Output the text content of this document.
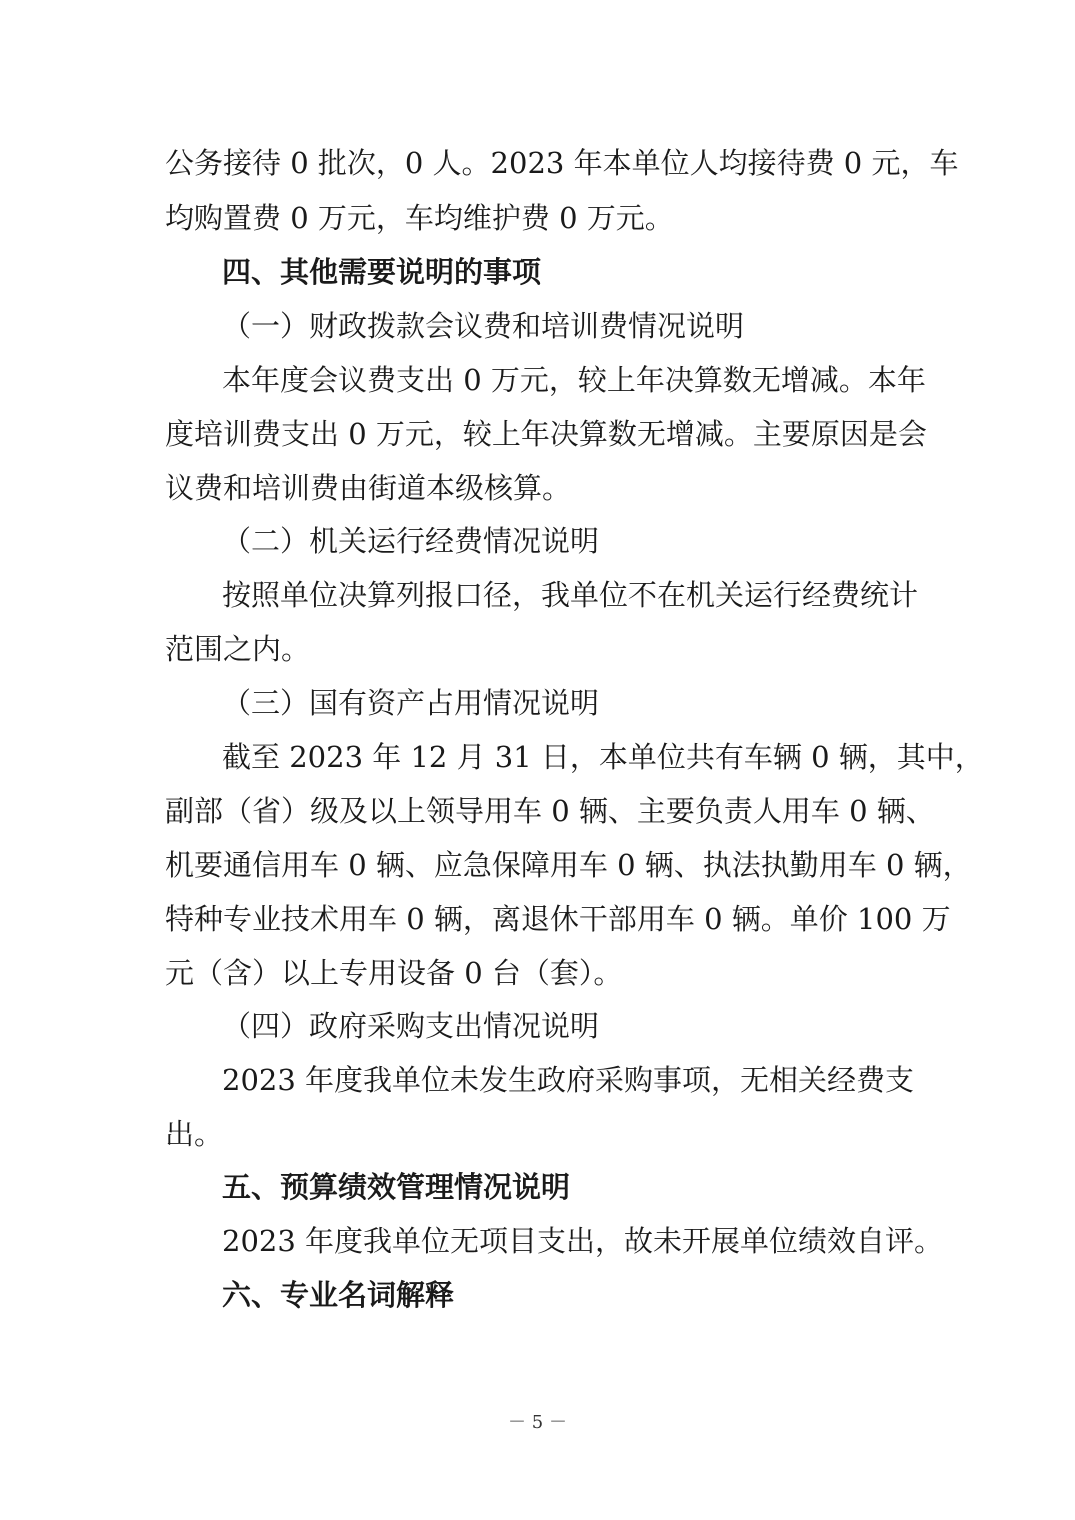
公务接待 0 批次，0 人。2023 年本单位人均接待费 0 元，车
均购置费 0 万元，车均维护费 0 万元。
四、其他需要说明的事项
（一）财政拨款会议费和培训费情况说明
本年度会议费支出 0 万元，较上年决算数无增减。本年
度培训费支出 0 万元，较上年决算数无增减。主要原因是会
议费和培训费由街道本级核算。
（二）机关运行经费情况说明
按照单位决算列报口径，我单位不在机关运行经费统计
范围之内。
（三）国有资产占用情况说明
截至 2023 年 12 月 31 日，本单位共有车辆 0 辆，其中，
副部（省）级及以上领导用车 0 辆、主要负责人用车 0 辆、
机要通信用车 0 辆、应急保障用车 0 辆、执法执勤用车 0 辆，
特种专业技术用车 0 辆，离退休干部用车 0 辆。单价 100 万
元（含）以上专用设备 0 台（套）。
（四）政府采购支出情况说明
2023 年度我单位未发生政府采购事项，无相关经费支
出。
五、预算绩效管理情况说明
2023 年度我单位无项目支出，故未开展单位绩效自评。
六、专业名词解释
－ 5 －
